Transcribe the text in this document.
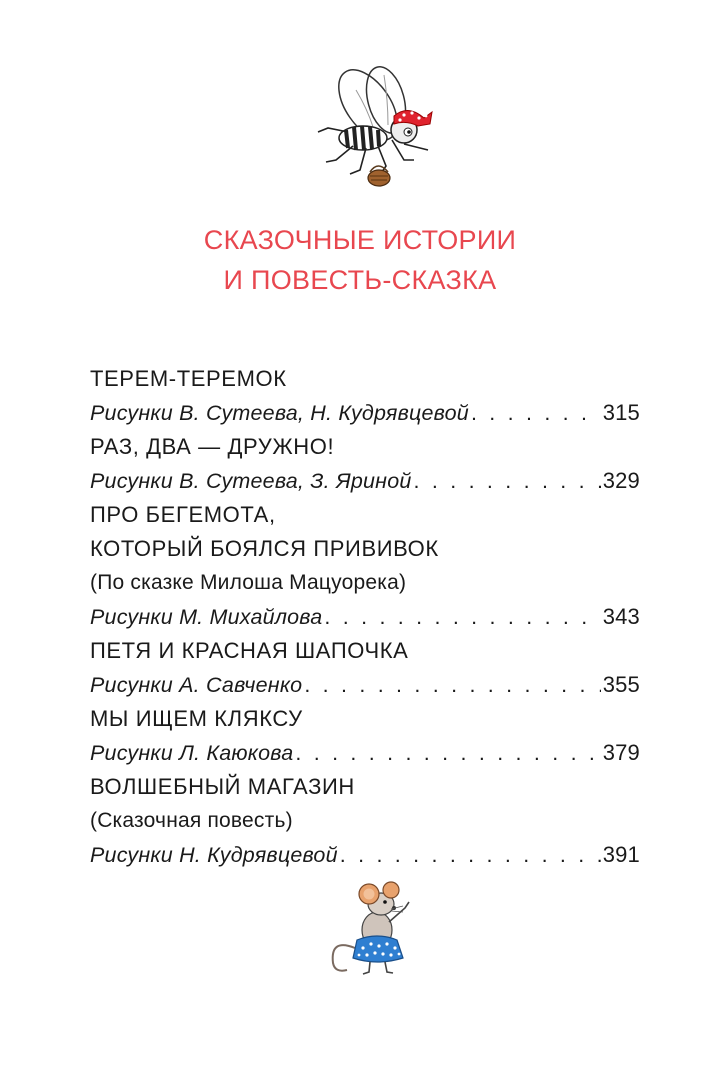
СКАЗОЧНЫЕ ИСТОРИИ
И ПОВЕСТЬ-СКАЗКА
ТЕРЕМ-ТЕРЕМОК
Рисунки В. Сутеева, Н. Кудрявцевой . . .	315
РАЗ, ДВА — ДРУЖНО!
Рисунки В. Сутеева, З. Яриной . . .	329
ПРО БЕГЕМОТА,
КОТОРЫЙ БОЯЛСЯ ПРИВИВОК
(По сказке Милоша Мацуорека)
Рисунки М. Михайлова . . .	343
ПЕТЯ И КРАСНАЯ ШАПОЧКА
Рисунки А. Савченко . . .	355
МЫ ИЩЕМ КЛЯКСУ
Рисунки Л. Каюкова . . .	379
ВОЛШЕБНЫЙ МАГАЗИН
(Сказочная повесть)
Рисунки Н. Кудрявцевой . . .	391
